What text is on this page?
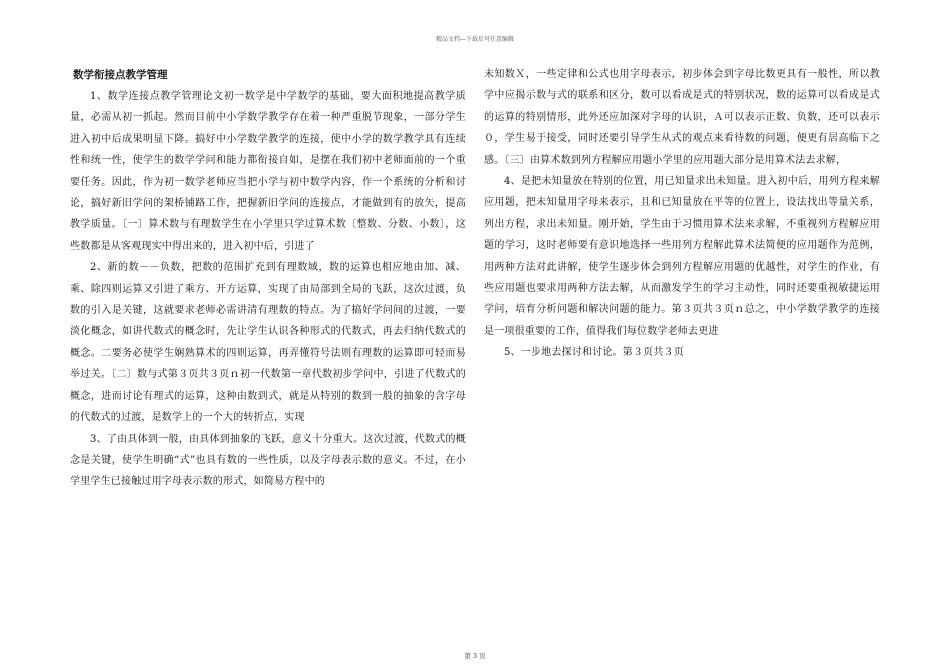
精品文档—下载后可任意编辑

数学衔接点教学管理

1、数学连接点教学管理论文初一数学是中学数学的基础，要大面积地提高教学质量，必需从初一抓起。然而目前中小学数学教学存在着一种严重脱节现象，一部分学生进入初中后成果明显下降。搞好中小学数学教学的连接，使中小学的数学教学具有连续性和统一性，使学生的数学学问和能力都衔接自如，是摆在我们初中老师面前的一个重要任务。因此，作为初一数学老师应当把小学与初中数学内容，作一个系统的分析和讨论，搞好新旧学问的架桥铺路工作，把握新旧学问的连接点，才能做到有的放矢，提高教学质量。〔一〕算术数与有理数学生在小学里只学过算术数〔整数、分数、小数〕，这些数都是从客观现实中得出来的，进入初中后，引进了

2、新的数－－负数，把数的范围扩充到有理数域，数的运算也相应地由加、减、乘、除四则运算又引进了乘方、开方运算，实现了由局部到全局的飞跃，这次过渡，负数的引入是关键，这就要求老师必需讲清有理数的特点。为了搞好学问间的过渡，一要淡化概念，如讲代数式的概念时，先让学生认识各种形式的代数式，再去归纳代数式的概念。二要务必使学生娴熟算术的四则运算，再弄懂符号法则有理数的运算即可轻而易举过关。〔二〕数与式第３页共３页ｎ初一代数第一章代数初步学问中，引进了代数式的概念，进而讨论有理式的运算，这种由数到式，就是从特别的数到一般的抽象的含字母的代数式的过渡，是数学上的一个大的转折点，实现

3、了由具体到一般，由具体到抽象的飞跃，意义十分重大。这次过渡，代数式的概念是关键，使学生明确“式”也具有数的一些性质，以及字母表示数的意义。不过，在小学里学生已接触过用字母表示数的形式，如简易方程中的

未知数Ｘ，一些定律和公式也用字母表示，初步体会到字母比数更具有一般性，所以教学中应揭示数与式的联系和区分，数可以看成是式的特别状况，数的运算可以看成是式的运算的特别情形，此外还应加深对字母的认识，Ａ可以表示正数、负数，还可以表示０，学生易于接受，同时还要引导学生从式的观点来看待数的问题，便更有居高临下之感。〔三〕由算术数到列方程解应用题小学里的应用题大部分是用算术法去求解，

4、是把未知量放在特别的位置，用已知量求出未知量。进入初中后，用列方程来解应用题，把未知量用字母来表示，且和已知量放在平等的位置上，设法找出等量关系，列出方程，求出未知量。刚开始，学生由于习惯用算术法来求解，不重视列方程解应用题的学习，这时老师要有意识地选择一些用列方程解此算术法简便的应用题作为范例，用两种方法对此讲解，使学生逐步体会到列方程解应用题的优越性，对学生的作业，有些应用题也要求用两种方法去解，从而激发学生的学习主动性，同时还要重视敏捷运用学问，培育分析问题和解决问题的能力。第３页共３页ｎ总之，中小学数学教学的连接是一项很重要的工作，值得我们每位数学老师去更进

5、一步地去探讨和讨论。第３页共３页

第 3 页
